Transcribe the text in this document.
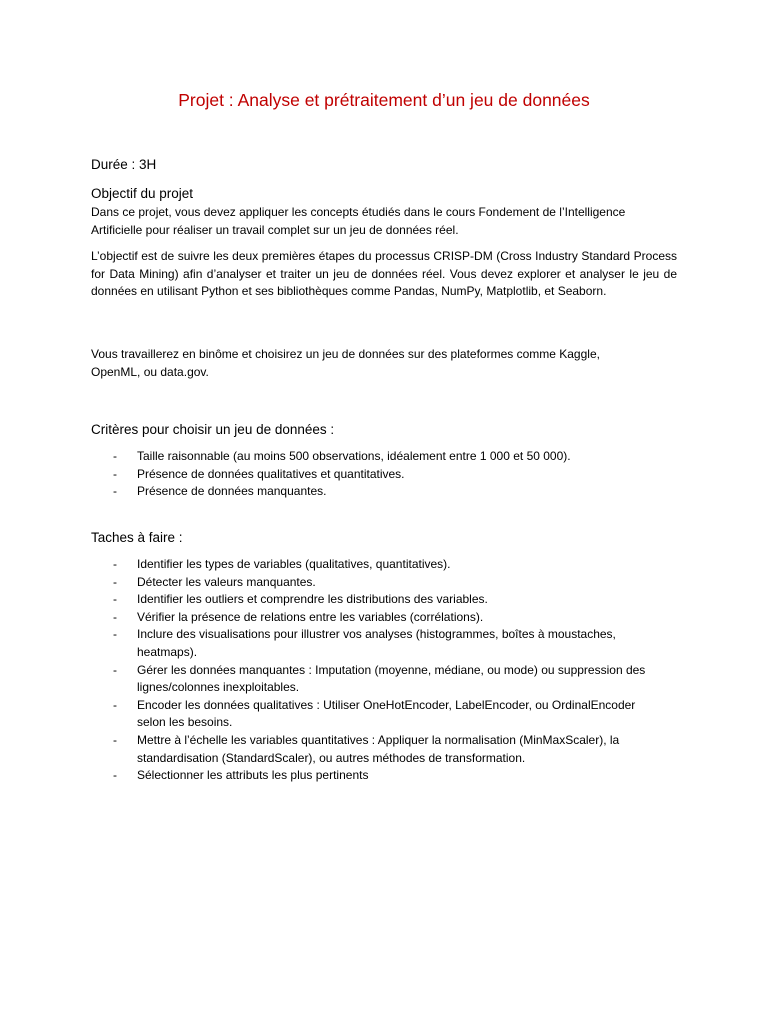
Projet : Analyse et prétraitement d’un jeu de données
Durée : 3H
Objectif du projet
Dans ce projet, vous devez appliquer les concepts étudiés dans le cours Fondement de l’Intelligence Artificielle pour réaliser un travail complet sur un jeu de données réel.
L’objectif est de suivre les deux premières étapes du processus CRISP-DM (Cross Industry Standard Process for Data Mining) afin d’analyser et traiter un jeu de données réel. Vous devez explorer et analyser le jeu de données en utilisant Python et ses bibliothèques comme Pandas, NumPy, Matplotlib, et Seaborn.
Vous travaillerez en binôme et choisirez un jeu de données sur des plateformes comme Kaggle, OpenML, ou data.gov.
Critères pour choisir un jeu de données :
- Taille raisonnable (au moins 500 observations, idéalement entre 1 000 et 50 000).
- Présence de données qualitatives et quantitatives.
- Présence de données manquantes.
Taches à faire :
- Identifier les types de variables (qualitatives, quantitatives).
- Détecter les valeurs manquantes.
- Identifier les outliers et comprendre les distributions des variables.
- Vérifier la présence de relations entre les variables (corrélations).
- Inclure des visualisations pour illustrer vos analyses (histogrammes, boîtes à moustaches, heatmaps).
- Gérer les données manquantes : Imputation (moyenne, médiane, ou mode) ou suppression des lignes/colonnes inexploitables.
- Encoder les données qualitatives : Utiliser OneHotEncoder, LabelEncoder, ou OrdinalEncoder selon les besoins.
- Mettre à l’échelle les variables quantitatives : Appliquer la normalisation (MinMaxScaler), la standardisation (StandardScaler), ou autres méthodes de transformation.
- Sélectionner les attributs les plus pertinents
